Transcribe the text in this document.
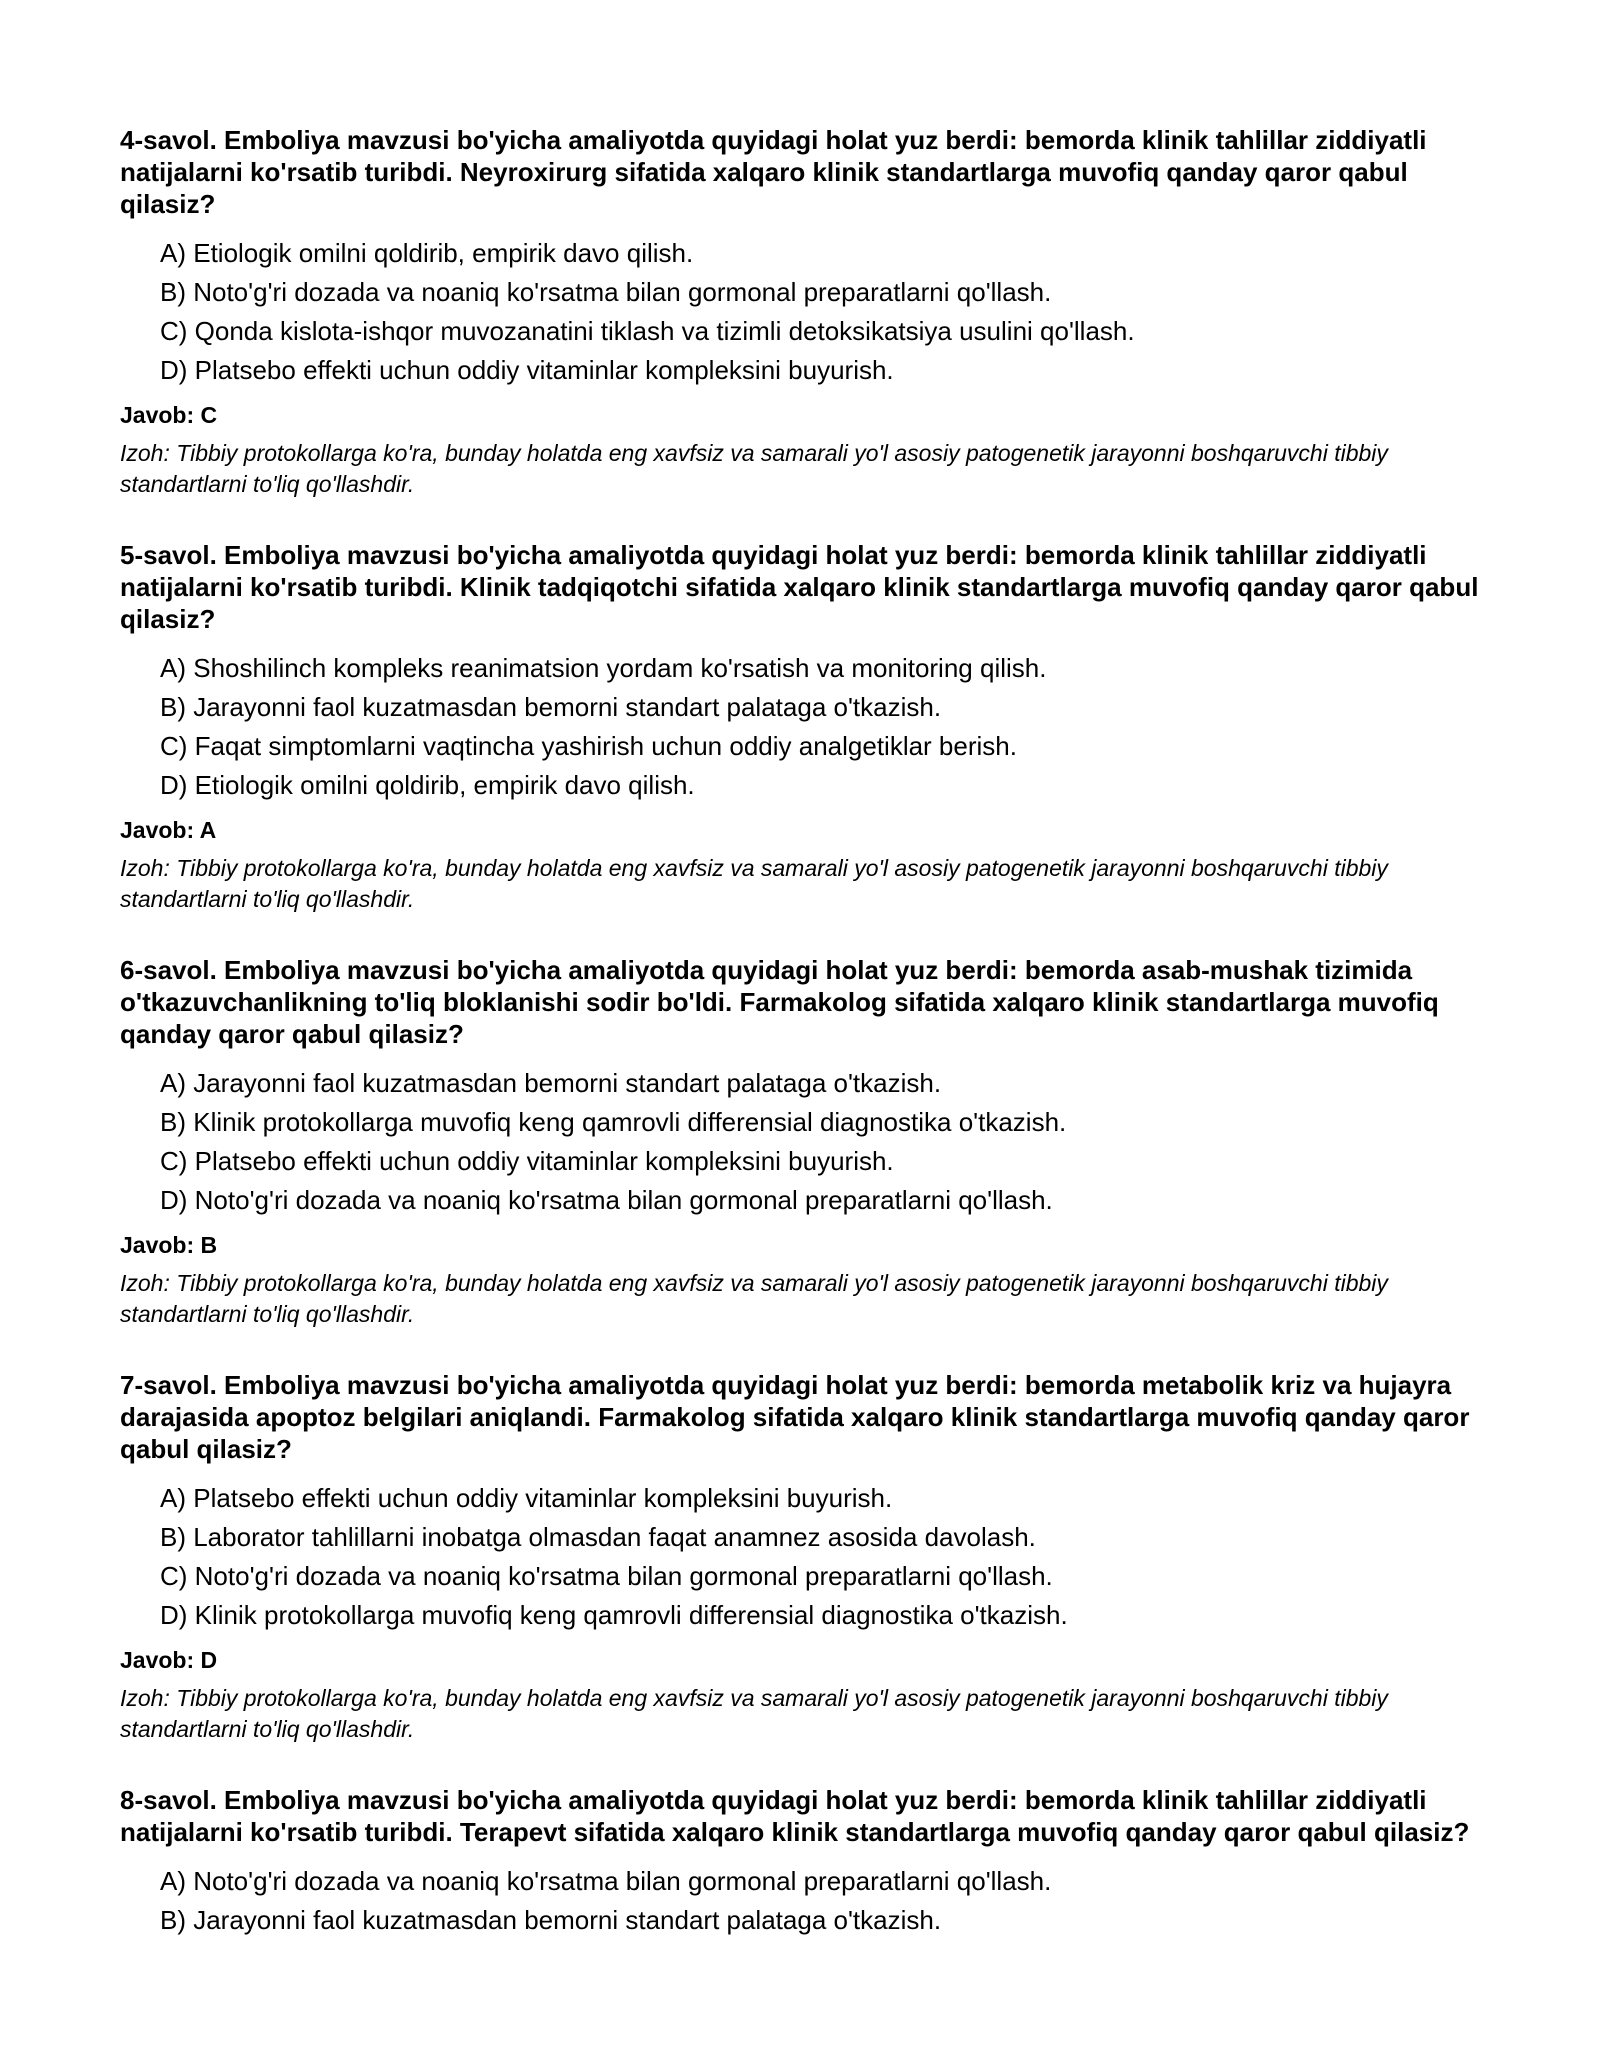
4-savol. Emboliya mavzusi bo'yicha amaliyotda quyidagi holat yuz berdi: bemorda klinik tahlillar ziddiyatli natijalarni ko'rsatib turibdi. Neyroxirurg sifatida xalqaro klinik standartlarga muvofiq qanday qaror qabul qilasiz?

A) Etiologik omilni qoldirib, empirik davo qilish.
B) Noto'g'ri dozada va noaniq ko'rsatma bilan gormonal preparatlarni qo'llash.
C) Qonda kislota-ishqor muvozanatini tiklash va tizimli detoksikatsiya usulini qo'llash.
D) Platsebo effekti uchun oddiy vitaminlar kompleksini buyurish.

Javob: C

Izoh: Tibbiy protokollarga ko'ra, bunday holatda eng xavfsiz va samarali yo'l asosiy patogenetik jarayonni boshqaruvchi tibbiy standartlarni to'liq qo'llashdir.

5-savol. Emboliya mavzusi bo'yicha amaliyotda quyidagi holat yuz berdi: bemorda klinik tahlillar ziddiyatli natijalarni ko'rsatib turibdi. Klinik tadqiqotchi sifatida xalqaro klinik standartlarga muvofiq qanday qaror qabul qilasiz?

A) Shoshilinch kompleks reanimatsion yordam ko'rsatish va monitoring qilish.
B) Jarayonni faol kuzatmasdan bemorni standart palataga o'tkazish.
C) Faqat simptomlarni vaqtincha yashirish uchun oddiy analgetiklar berish.
D) Etiologik omilni qoldirib, empirik davo qilish.

Javob: A

Izoh: Tibbiy protokollarga ko'ra, bunday holatda eng xavfsiz va samarali yo'l asosiy patogenetik jarayonni boshqaruvchi tibbiy standartlarni to'liq qo'llashdir.

6-savol. Emboliya mavzusi bo'yicha amaliyotda quyidagi holat yuz berdi: bemorda asab-mushak tizimida o'tkazuvchanlikning to'liq bloklanishi sodir bo'ldi. Farmakolog sifatida xalqaro klinik standartlarga muvofiq qanday qaror qabul qilasiz?

A) Jarayonni faol kuzatmasdan bemorni standart palataga o'tkazish.
B) Klinik protokollarga muvofiq keng qamrovli differensial diagnostika o'tkazish.
C) Platsebo effekti uchun oddiy vitaminlar kompleksini buyurish.
D) Noto'g'ri dozada va noaniq ko'rsatma bilan gormonal preparatlarni qo'llash.

Javob: B

Izoh: Tibbiy protokollarga ko'ra, bunday holatda eng xavfsiz va samarali yo'l asosiy patogenetik jarayonni boshqaruvchi tibbiy standartlarni to'liq qo'llashdir.

7-savol. Emboliya mavzusi bo'yicha amaliyotda quyidagi holat yuz berdi: bemorda metabolik kriz va hujayra darajasida apoptoz belgilari aniqlandi. Farmakolog sifatida xalqaro klinik standartlarga muvofiq qanday qaror qabul qilasiz?

A) Platsebo effekti uchun oddiy vitaminlar kompleksini buyurish.
B) Laborator tahlillarni inobatga olmasdan faqat anamnez asosida davolash.
C) Noto'g'ri dozada va noaniq ko'rsatma bilan gormonal preparatlarni qo'llash.
D) Klinik protokollarga muvofiq keng qamrovli differensial diagnostika o'tkazish.

Javob: D

Izoh: Tibbiy protokollarga ko'ra, bunday holatda eng xavfsiz va samarali yo'l asosiy patogenetik jarayonni boshqaruvchi tibbiy standartlarni to'liq qo'llashdir.

8-savol. Emboliya mavzusi bo'yicha amaliyotda quyidagi holat yuz berdi: bemorda klinik tahlillar ziddiyatli natijalarni ko'rsatib turibdi. Terapevt sifatida xalqaro klinik standartlarga muvofiq qanday qaror qabul qilasiz?

A) Noto'g'ri dozada va noaniq ko'rsatma bilan gormonal preparatlarni qo'llash.
B) Jarayonni faol kuzatmasdan bemorni standart palataga o'tkazish.
